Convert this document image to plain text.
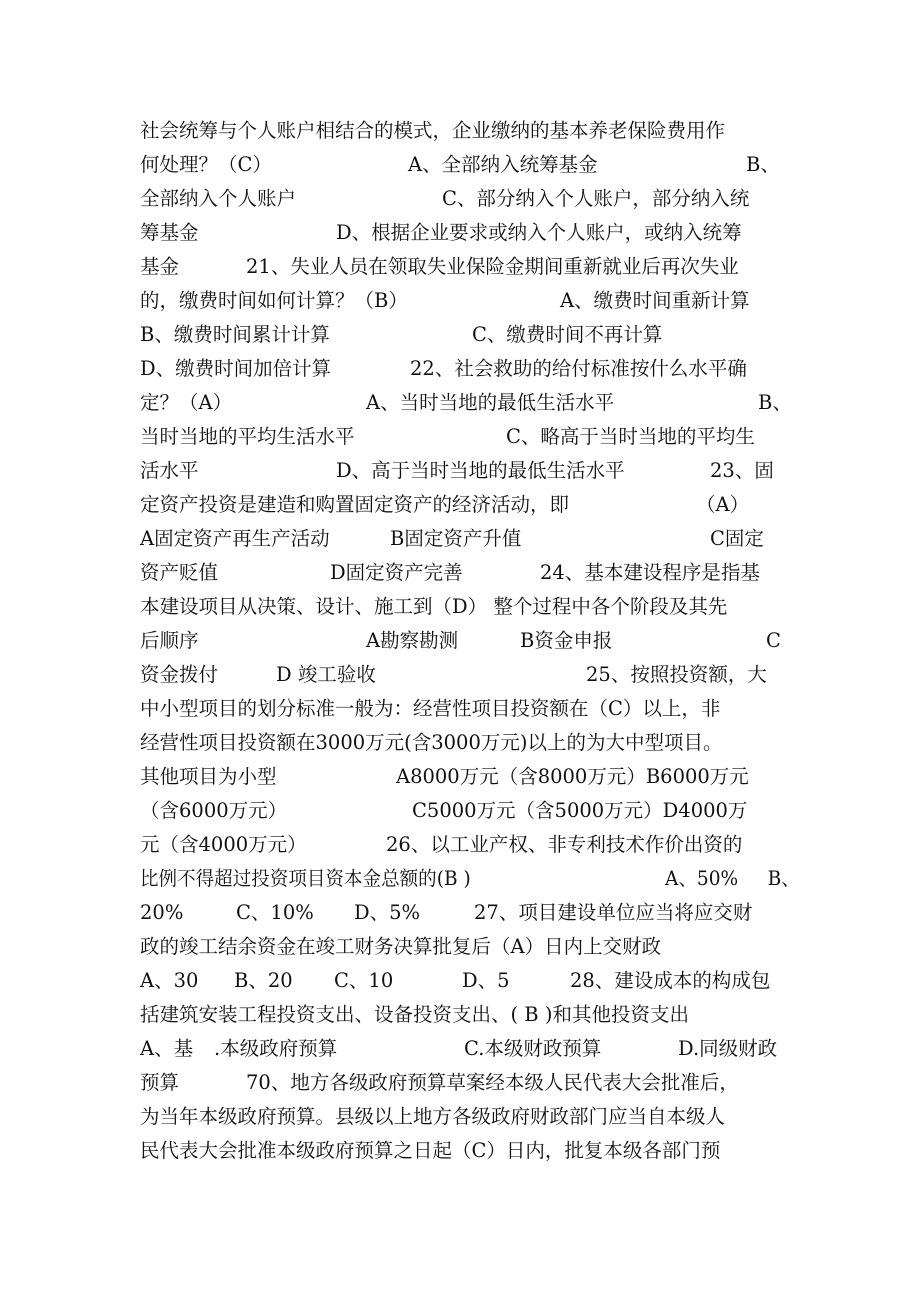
社会统筹与个人账户相结合的模式，企业缴纳的基本养老保险费用作
何处理？（C）	A、全部纳入统筹基金	B、
全部纳入个人账户	C、部分纳入个人账户，部分纳入统
筹基金	D、根据企业要求或纳入个人账户，或纳入统筹
基金	21、失业人员在领取失业保险金期间重新就业后再次失业
的，缴费时间如何计算？（B）	A、缴费时间重新计算
B、缴费时间累计计算	C、缴费时间不再计算
D、缴费时间加倍计算	22、社会救助的给付标准按什么水平确
定？（A）	A、当时当地的最低生活水平	B、
当时当地的平均生活水平	C、略高于当时当地的平均生
活水平	D、高于当时当地的最低生活水平	23、固
定资产投资是建造和购置固定资产的经济活动，即	（A）
A固定资产再生产活动	B固定资产升值	C固定
资产贬值	D固定资产完善	24、基本建设程序是指基
本建设项目从决策、设计、施工到（D） 整个过程中各个阶段及其先
后顺序	A勘察勘测	B资金申报	C
资金拨付	D 竣工验收	25、按照投资额，大
中小型项目的划分标准一般为：经营性项目投资额在（C）以上，非
经营性项目投资额在3000万元(含3000万元)以上的为大中型项目。
其他项目为小型	A8000万元（含8000万元）B6000万元
（含6000万元）	C5000万元（含5000万元）D4000万
元（含4000万元）	26、以工业产权、非专利技术作价出资的
比例不得超过投资项目资本金总额的(B )	A、50% B、
20%	C、10% D、5%	27、项目建设单位应当将应交财
政的竣工结余资金在竣工财务决算批复后（A）日内上交财政
A、30 B、20 C、10	D、5	28、建设成本的构成包
括建筑安装工程投资支出、设备投资支出、( B )和其他投资支出
A、基 .本级政府预算	C.本级财政预算	D.同级财政
预算	70、地方各级政府预算草案经本级人民代表大会批准后，
为当年本级政府预算。县级以上地方各级政府财政部门应当自本级人
民代表大会批准本级政府预算之日起（C）日内，批复本级各部门预
